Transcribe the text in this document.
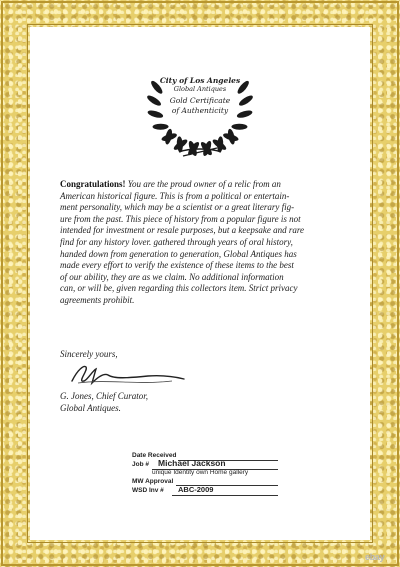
City of Los Angeles
Global Antiques
Gold Certificate
of Authenticity
Congratulations! You are the proud owner of a relic from an
American historical figure. This is from a political or entertain-
ment personality, which may be a scientist or a great literary fig-
ure from the past. This piece of history from a popular figure is not
intended for investment or resale purposes, but a keepsake and rare
find for any history lover. gathered through years of oral history,
handed down from generation to generation, Global Antiques has
made every effort to verify the existence of these items to the best
of our ability, they are as we claim. No additional information
can, or will be, given regarding this collectors item. Strict privacy
agreements prohibit.
Sincerely yours,
G. Jones, Chief Curator,
Global Antiques.
Date Received
Job # Michael Jackson
unique Identity own Home gallery
MW Approval
WSD Inv # ABC-2009
ebay
